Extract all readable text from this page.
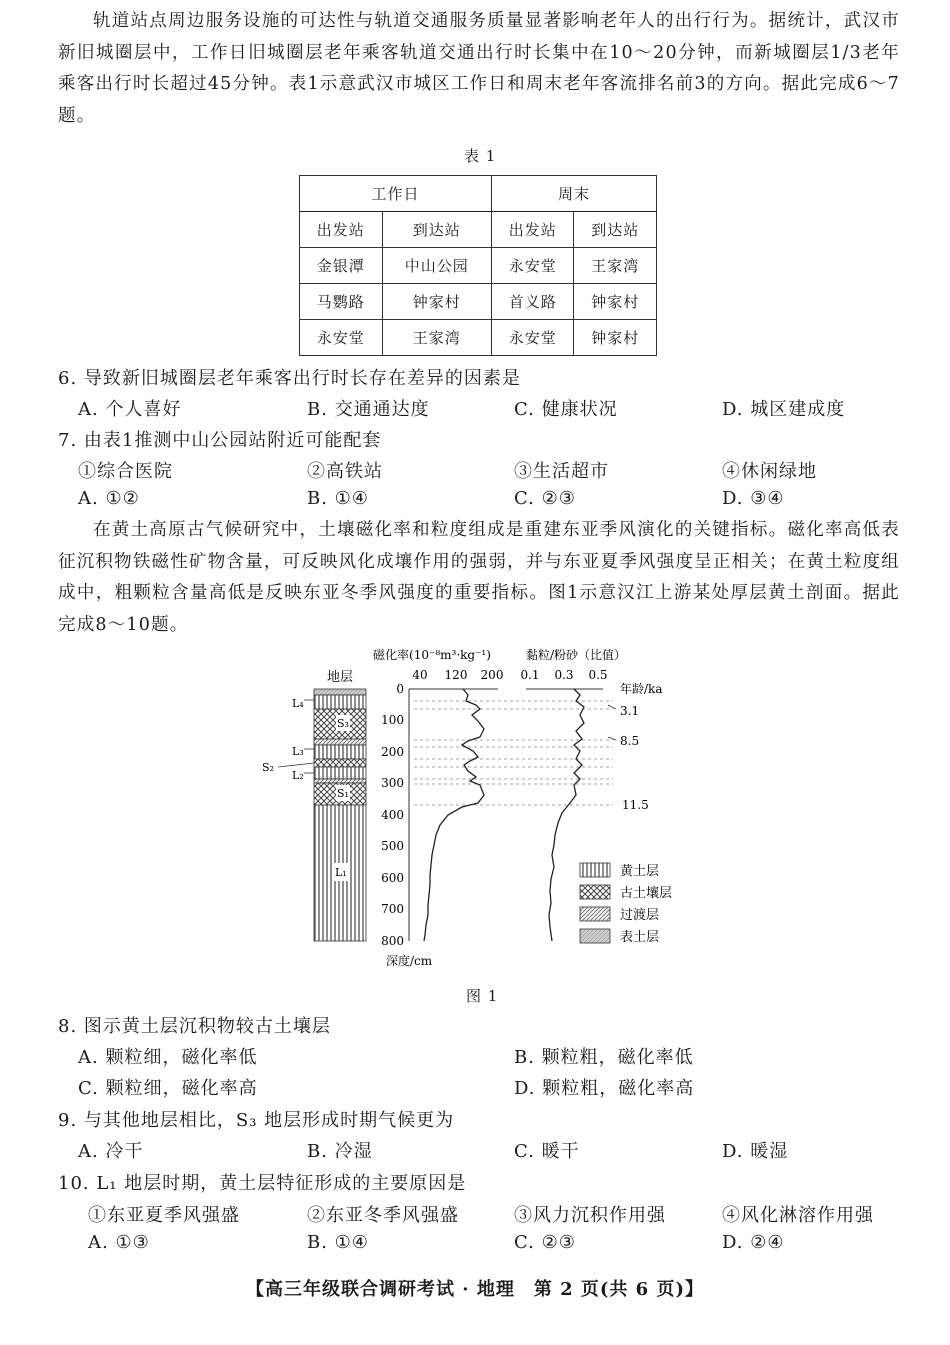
轨道站点周边服务设施的可达性与轨道交通服务质量显著影响老年人的出行行为。据统计，武汉市新旧城圈层中，工作日旧城圈层老年乘客轨道交通出行时长集中在10～20分钟，而新城圈层1/3老年乘客出行时长超过45分钟。表1示意武汉市城区工作日和周末老年客流排名前3的方向。据此完成6～7题。

表 1
工作日		周末	
出发站	到达站	出发站	到达站
金银潭	中山公园	永安堂	王家湾
马鹦路	钟家村	首义路	钟家村
永安堂	王家湾	永安堂	钟家村
6. 导致新旧城圈层老年乘客出行时长存在差异的因素是
A. 个人喜好	B. 交通通达度	C. 健康状况	D. 城区建成度
7. 由表1推测中山公园站附近可能配套
①综合医院	②高铁站	③生活超市	④休闲绿地
A. ①②	B. ①④	C. ②③	D. ③④

在黄土高原古气候研究中，土壤磁化率和粒度组成是重建东亚季风演化的关键指标。磁化率高低表征沉积物铁磁性矿物含量，可反映风化成壤作用的强弱，并与东亚夏季风强度呈正相关；在黄土粒度组成中，粗颗粒含量高低是反映东亚冬季风强度的重要指标。图1示意汉江上游某处厚层黄土剖面。据此完成8～10题。

地层
L₄
S₃
L₃
S₂
L₂
S₁
L₁
磁化率(10⁻⁸m³·kg⁻¹)	黏粒/粉砂（比值）
40 120 200 0.1 0.3 0.5
0
100
200
300
400
500
600
700
800
深度/cm
年龄/ka
3.1
8.5
11.5
黄土层
古土壤层
过渡层
表土层
图 1
8. 图示黄土层沉积物较古土壤层
A. 颗粒细，磁化率低	B. 颗粒粗，磁化率低
C. 颗粒细，磁化率高	D. 颗粒粗，磁化率高
9. 与其他地层相比，S₃ 地层形成时期气候更为
A. 冷干	B. 冷湿	C. 暖干	D. 暖湿
10. L₁ 地层时期，黄土层特征形成的主要原因是
①东亚夏季风强盛	②东亚冬季风强盛	③风力沉积作用强	④风化淋溶作用强
A. ①③	B. ①④	C. ②③	D. ②④
【高三年级联合调研考试 · 地理　第 2 页(共 6 页)】
